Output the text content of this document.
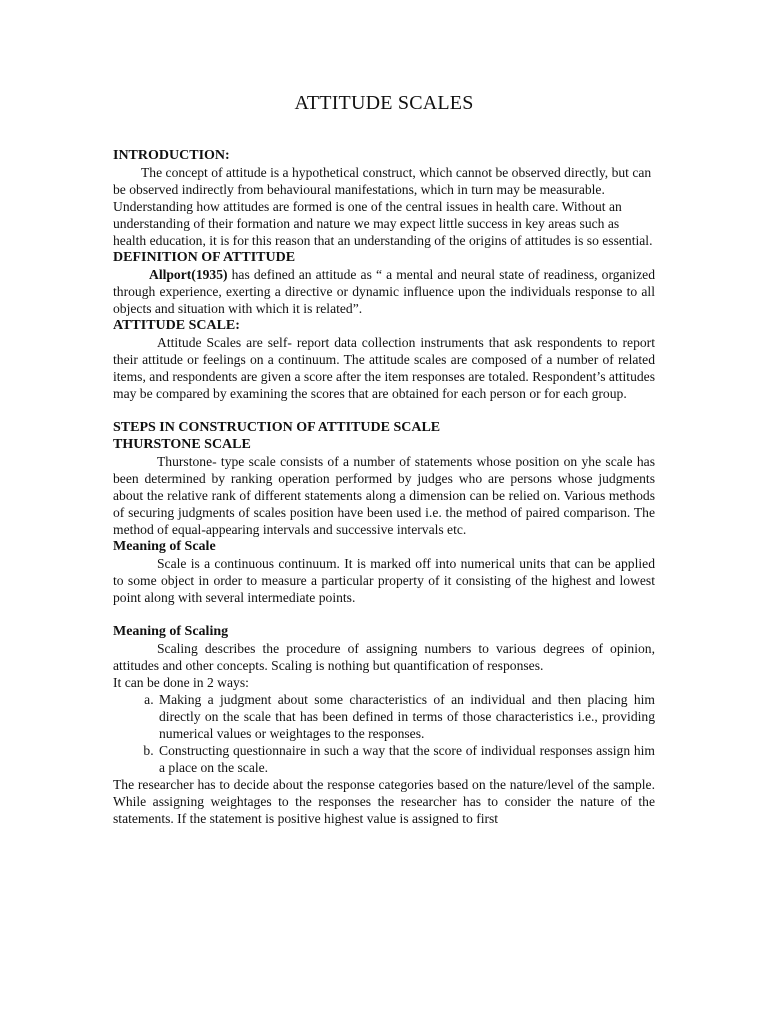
ATTITUDE SCALES

INTRODUCTION:

The concept of attitude is a hypothetical construct, which cannot be observed directly, but can be observed indirectly from behavioural manifestations, which in turn may be measurable. Understanding how attitudes are formed is one of the central issues in health care. Without an understanding of their formation and nature we may expect little success in key areas such as health education, it is for this reason that an understanding of the origins of attitudes is so essential.

DEFINITION OF ATTITUDE

Allport(1935) has defined an attitude as “ a mental and neural state of readiness, organized through experience, exerting a directive or dynamic influence upon the individuals response to all objects and situation with which it is related”.

ATTITUDE SCALE:

Attitude Scales are self- report data collection instruments that ask respondents to report their attitude or feelings on a continuum. The attitude scales are composed of a number of related items, and respondents are given a score after the item responses are totaled. Respondent’s attitudes may be compared by examining the scores that are obtained for each person or for each group.

STEPS IN CONSTRUCTION OF ATTITUDE SCALE

THURSTONE SCALE

Thurstone- type scale consists of a number of statements whose position on yhe scale has been determined by ranking operation performed by judges who are persons whose judgments about the relative rank of different statements along a dimension can be relied on. Various methods of securing judgments of scales position have been used i.e. the method of paired comparison. The method of equal-appearing intervals and successive intervals etc.

Meaning of Scale

Scale is a continuous continuum. It is marked off into numerical units that can be applied to some object in order to measure a particular property of it consisting of the highest and lowest point along with several intermediate points.

Meaning of Scaling

Scaling describes the procedure of assigning numbers to various degrees of opinion, attitudes and other concepts. Scaling is nothing but quantification of responses.

It can be done in 2 ways:

a. Making a judgment about some characteristics of an individual and then placing him directly on the scale that has been defined in terms of those characteristics i.e., providing numerical values or weightages to the responses.
b. Constructing questionnaire in such a way that the score of individual responses assign him a place on the scale.

The researcher has to decide about the response categories based on the nature/level of the sample. While assigning weightages to the responses the researcher has to consider the nature of the statements. If the statement is positive highest value is assigned to first
